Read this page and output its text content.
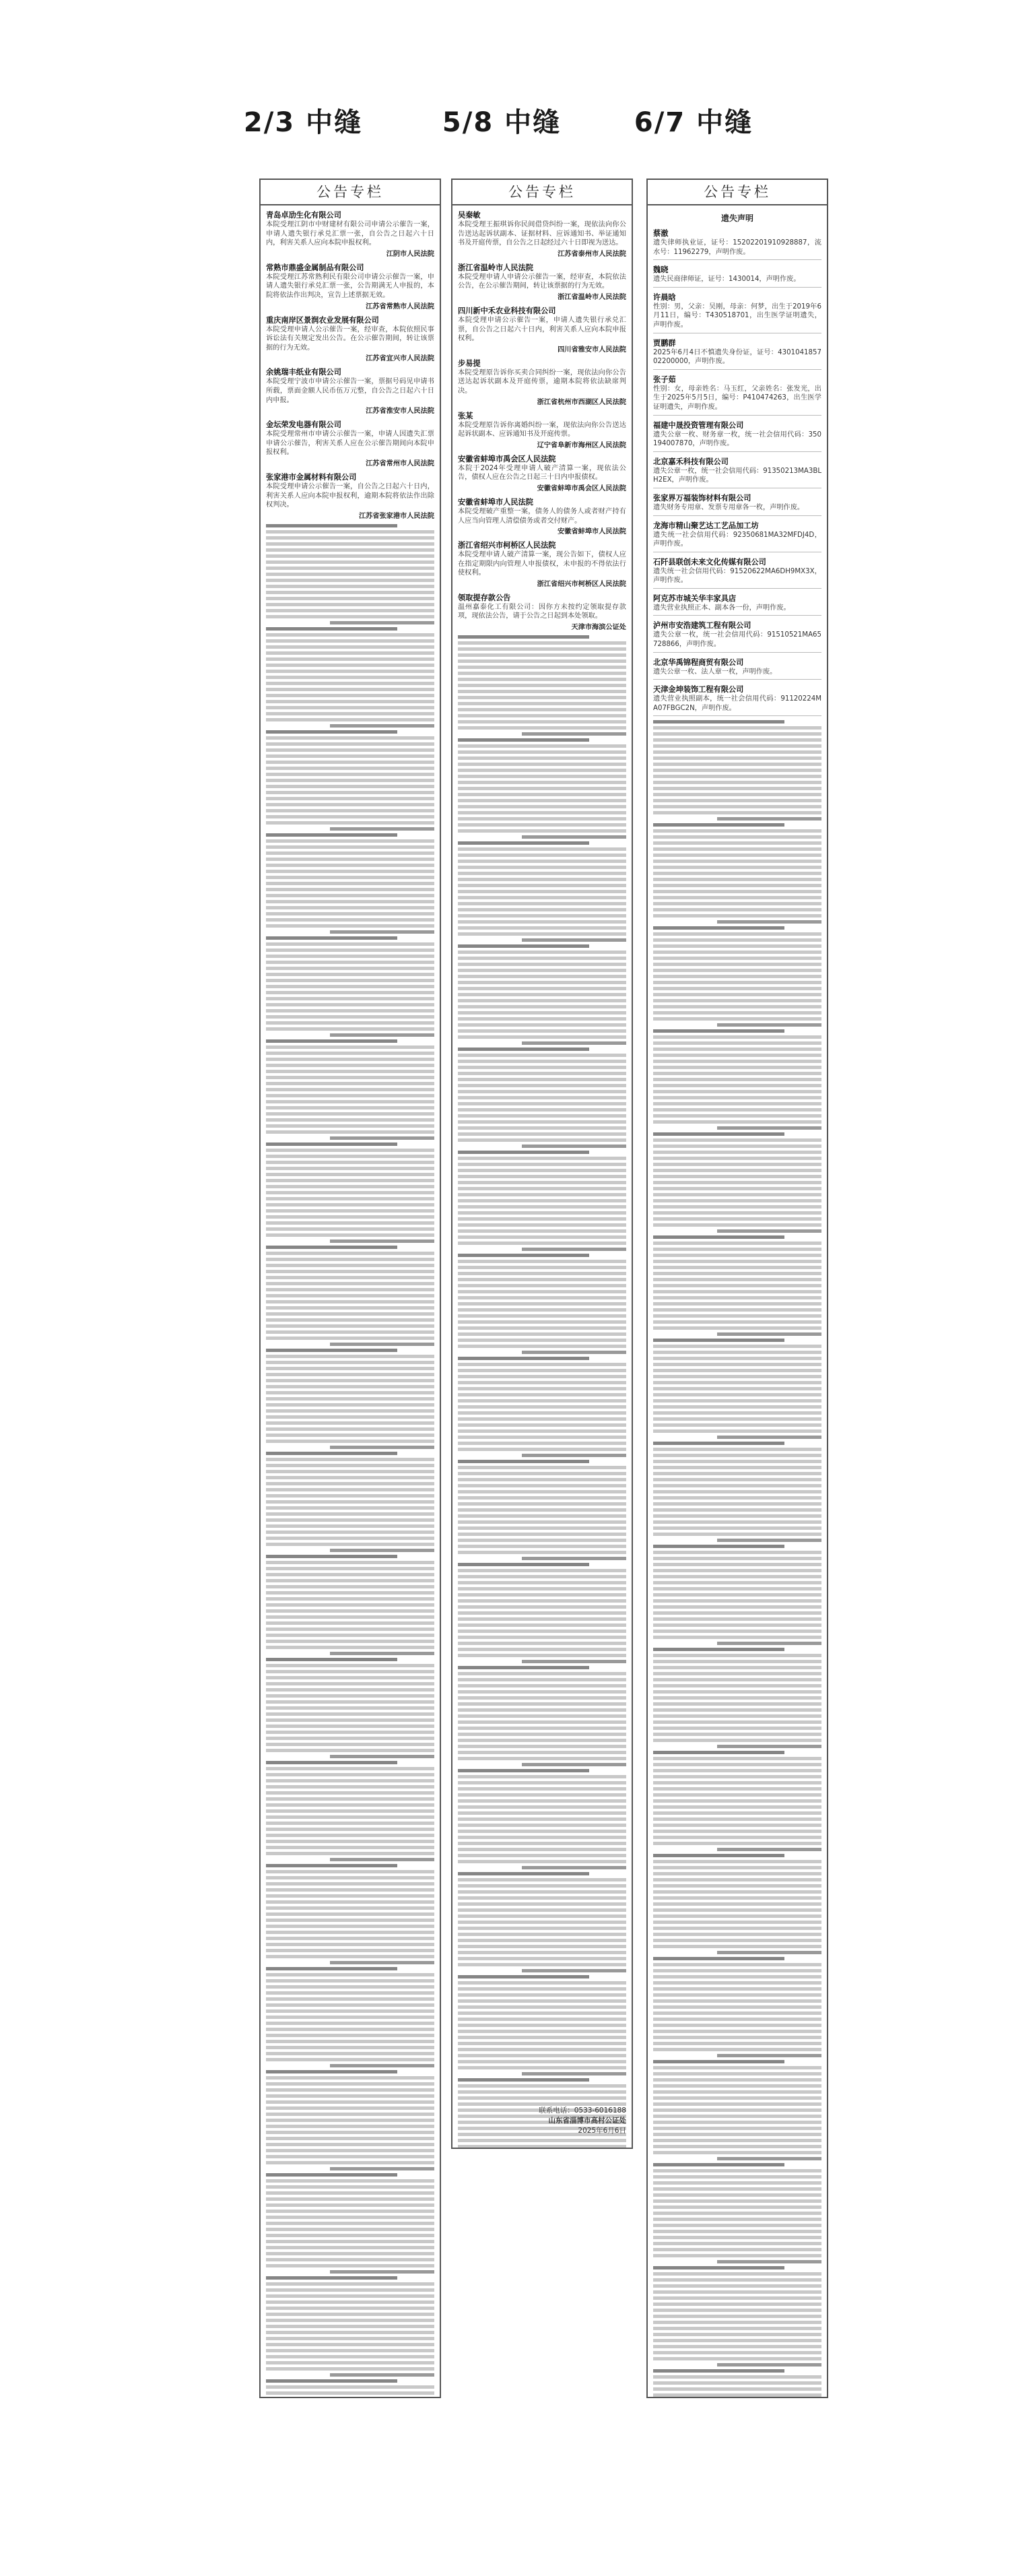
2/3 中缝	5/8 中缝	6/7 中缝
公告专栏
青岛卓劢生化有限公司
本院受理江阴市中财建材有限公司申请公示催告一案，申请人遗失银行承兑汇票一张，自公告之日起六十日内，利害关系人应向本院申报权利。
江阴市人民法院
常熟市鼎盛金属制品有限公司
本院受理江苏常熟利民有限公司申请公示催告一案，申请人遗失银行承兑汇票一张，公告期满无人申报的，本院将依法作出判决，宣告上述票据无效。
江苏省常熟市人民法院
重庆南岸区景润农业发展有限公司
本院受理申请人公示催告一案，经审查，本院依照民事诉讼法有关规定发出公告。在公示催告期间，转让该票据的行为无效。
江苏省宜兴市人民法院
余姚瑞丰纸业有限公司
本院受理宁波市申请公示催告一案，票据号码见申请书所载，票面金额人民币伍万元整，自公告之日起六十日内申报。
江苏省淮安市人民法院
金坛荣发电器有限公司
本院受理常州市申请公示催告一案，申请人因遗失汇票申请公示催告，利害关系人应在公示催告期间向本院申报权利。
江苏省常州市人民法院
张家港市金属材料有限公司
本院受理申请公示催告一案，自公告之日起六十日内，利害关系人应向本院申报权利，逾期本院将依法作出除权判决。
江苏省张家港市人民法院
公告专栏
吴秦敏
本院受理王振琪诉你民间借贷纠纷一案，现依法向你公告送达起诉状副本、证据材料、应诉通知书、举证通知书及开庭传票，自公告之日起经过六十日即视为送达。
江苏省泰州市人民法院
浙江省温岭市人民法院
本院受理申请人申请公示催告一案，经审查，本院依法公告，在公示催告期间，转让该票据的行为无效。
浙江省温岭市人民法院
四川新中禾农业科技有限公司
本院受理申请公示催告一案，申请人遗失银行承兑汇票，自公告之日起六十日内，利害关系人应向本院申报权利。
四川省雅安市人民法院
步易提
本院受理原告诉你买卖合同纠纷一案，现依法向你公告送达起诉状副本及开庭传票，逾期本院将依法缺席判决。
浙江省杭州市西湖区人民法院
张某
本院受理原告诉你离婚纠纷一案，现依法向你公告送达起诉状副本、应诉通知书及开庭传票。
辽宁省阜新市海州区人民法院
安徽省蚌埠市禹会区人民法院
本院于2024年受理申请人破产清算一案，现依法公告，债权人应在公告之日起三十日内申报债权。
安徽省蚌埠市禹会区人民法院
安徽省蚌埠市人民法院
本院受理破产重整一案，债务人的债务人或者财产持有人应当向管理人清偿债务或者交付财产。
安徽省蚌埠市人民法院
浙江省绍兴市柯桥区人民法院
本院受理申请人破产清算一案，现公告如下，债权人应在指定期限内向管理人申报债权，未申报的不得依法行使权利。
浙江省绍兴市柯桥区人民法院
领取提存款公告
温州嘉泰化工有限公司：因你方未按约定领取提存款项，现依法公告，请于公告之日起到本处领取。
天津市海滨公证处
联系电话：0533-6016188
山东省淄博市高村公证处
2025年6月6日
公告专栏
遗失声明
蔡澈
遗失律师执业证，证号：15202201910928887，流水号：11962279，声明作废。
魏晓
遗失民商律师证，证号：1430014，声明作废。
许晨晗
性别：男，父亲：吴刚，母亲：何梦，出生于2019年6月11日，编号：T430518701，出生医学证明遗失，声明作废。
贾鹏群
2025年6月4日不慎遗失身份证，证号：430104185702200000，声明作废。
张子茹
性别：女，母亲姓名：马玉红，父亲姓名：张发光，出生于2025年5月5日，编号：P410474263，出生医学证明遗失，声明作废。
福建中晟投资管理有限公司
遗失公章一枚、财务章一枚，统一社会信用代码：350194007870，声明作废。
北京嘉禾科技有限公司
遗失公章一枚，统一社会信用代码：91350213MA3BLH2EX，声明作废。
张家界万福装饰材料有限公司
遗失财务专用章、发票专用章各一枚，声明作废。
龙海市精山聚艺达工艺品加工坊
遗失统一社会信用代码：92350681MA32MFDJ4D，声明作废。
石阡县联创未来文化传媒有限公司
遗失统一社会信用代码：91520622MA6DH9MX3X，声明作废。
阿克苏市城关华丰家具店
遗失营业执照正本、副本各一份，声明作废。
泸州市安浩建筑工程有限公司
遗失公章一枚，统一社会信用代码：91510521MA65728866，声明作废。
北京华禹锦程商贸有限公司
遗失公章一枚、法人章一枚，声明作废。
天津金坤装饰工程有限公司
遗失营业执照副本，统一社会信用代码：91120224MA07FBGC2N，声明作废。
